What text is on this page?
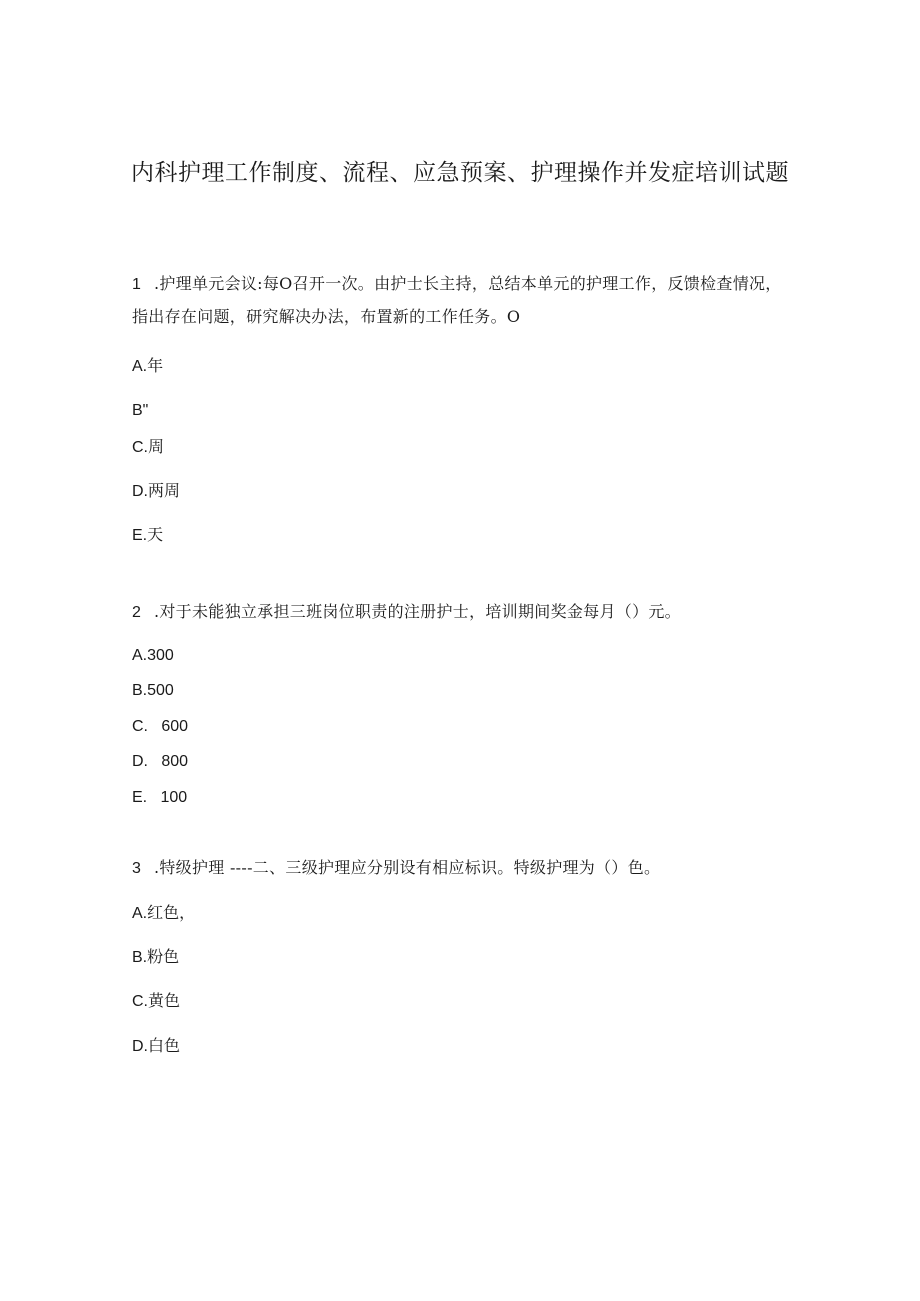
内科护理工作制度、流程、应急预案、护理操作并发症培训试题
1 .护理单元会议:每O召开一次。由护士长主持，总结本单元的护理工作，反馈检查情况，指出存在问题，研究解决办法，布置新的工作任务。O
A.年
B"
C.周
D.两周
E.天
2 .对于未能独立承担三班岗位职责的注册护士，培训期间奖金每月（）元。
A.300
B.500
C.   600
D.   800
E.   100
3 .特级护理 ----二、三级护理应分别设有相应标识。特级护理为（）色。
A.红色，
B.粉色
C.黄色
D.白色
